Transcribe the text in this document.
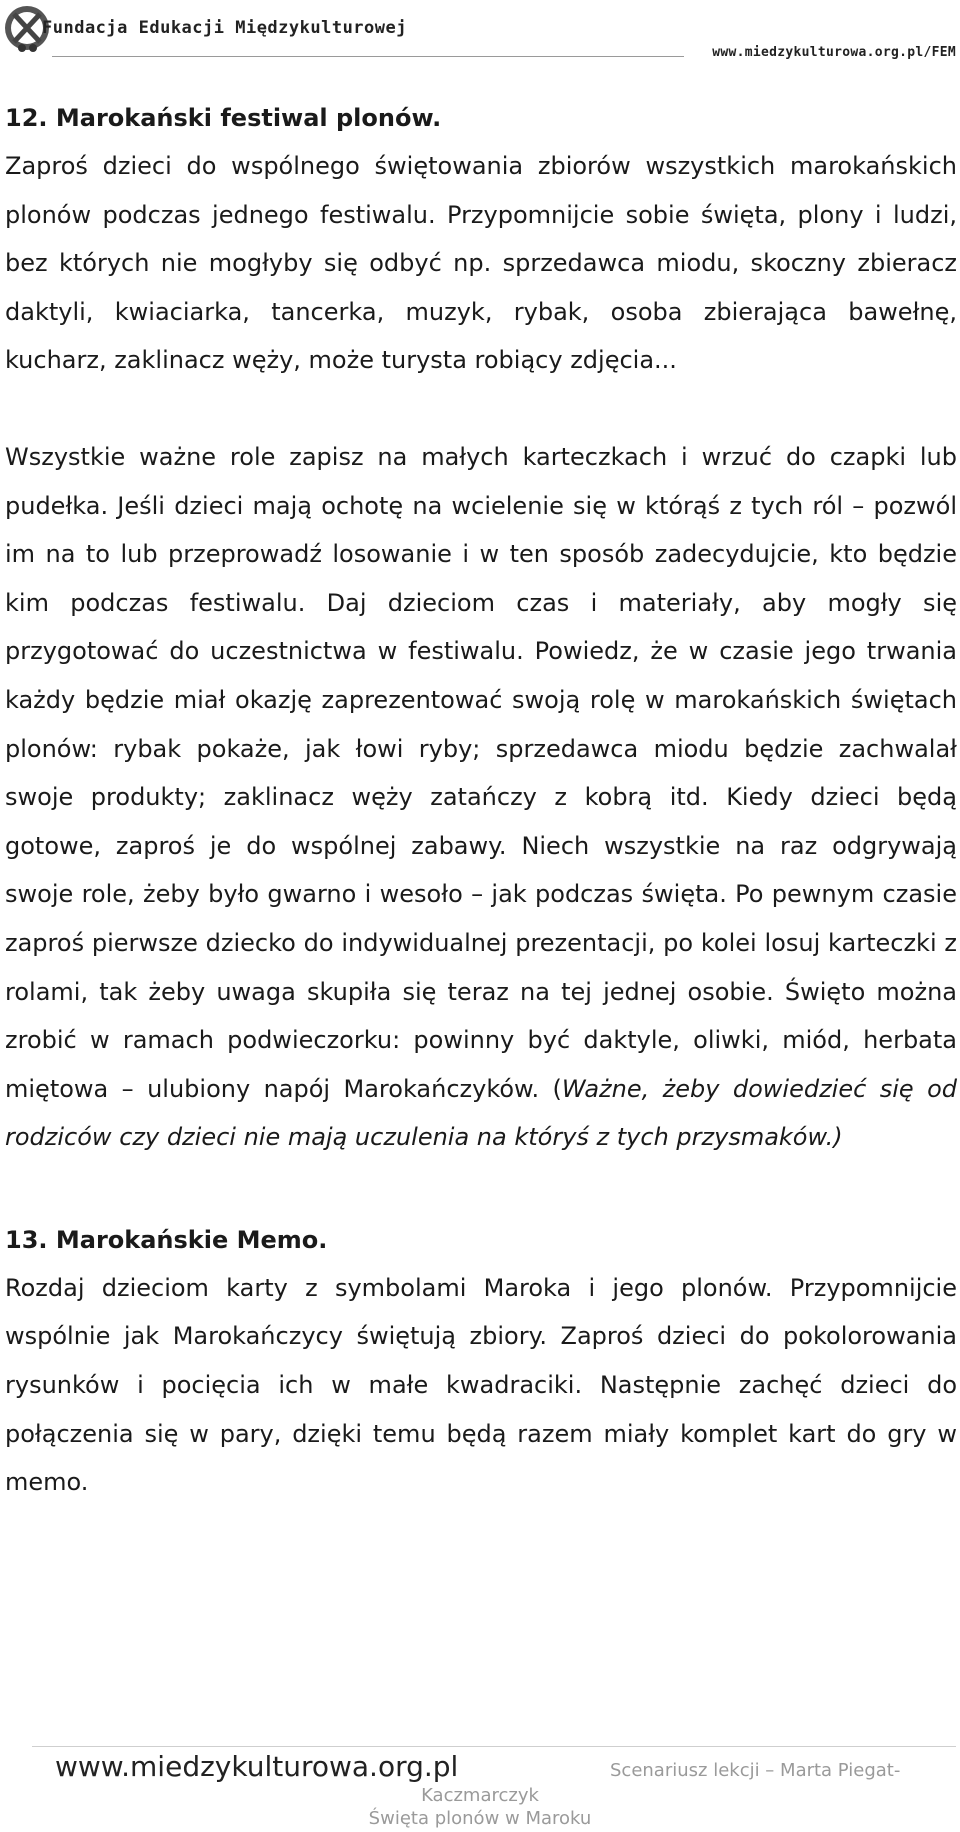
Fundacja Edukacji Międzykulturowej
www.miedzykulturowa.org.pl/FEM
12. Marokański festiwal plonów.

Zaproś dzieci do wspólnego świętowania zbiorów wszystkich marokańskich plonów podczas jednego festiwalu. Przypomnijcie sobie święta, plony i ludzi, bez których nie mogłyby się odbyć np. sprzedawca miodu, skoczny zbieracz daktyli, kwiaciarka, tancerka, muzyk, rybak, osoba zbierająca bawełnę, kucharz, zaklinacz węży, może turysta robiący zdjęcia...

Wszystkie ważne role zapisz na małych karteczkach i wrzuć do czapki lub pudełka. Jeśli dzieci mają ochotę na wcielenie się w którąś z tych ról – pozwól im na to lub przeprowadź losowanie i w ten sposób zadecydujcie, kto będzie kim podczas festiwalu. Daj dzieciom czas i materiały, aby mogły się przygotować do uczestnictwa w festiwalu. Powiedz, że w czasie jego trwania każdy będzie miał okazję zaprezentować swoją rolę w marokańskich świętach plonów: rybak pokaże, jak łowi ryby; sprzedawca miodu będzie zachwalał swoje produkty; zaklinacz węży zatańczy z kobrą itd. Kiedy dzieci będą gotowe, zaproś je do wspólnej zabawy. Niech wszystkie na raz odgrywają swoje role, żeby było gwarno i wesoło – jak podczas święta. Po pewnym czasie zaproś pierwsze dziecko do indywidualnej prezentacji, po kolei losuj karteczki z rolami, tak żeby uwaga skupiła się teraz na tej jednej osobie. Święto można zrobić w ramach podwieczorku: powinny być daktyle, oliwki, miód, herbata miętowa – ulubiony napój Marokańczyków. (Ważne, żeby dowiedzieć się od rodziców czy dzieci nie mają uczulenia na któryś z tych przysmaków.)

13. Marokańskie Memo.

Rozdaj dzieciom karty z symbolami Maroka i jego plonów. Przypomnijcie wspólnie jak Marokańczycy świętują zbiory. Zaproś dzieci do pokolorowania rysunków i pocięcia ich w małe kwadraciki. Następnie zachęć dzieci do połączenia się w pary, dzięki temu będą razem miały komplet kart do gry w memo.

www.miedzykulturowa.org.pl	Scenariusz lekcji – Marta Piegat-
Kaczmarczyk
Święta plonów w Maroku
